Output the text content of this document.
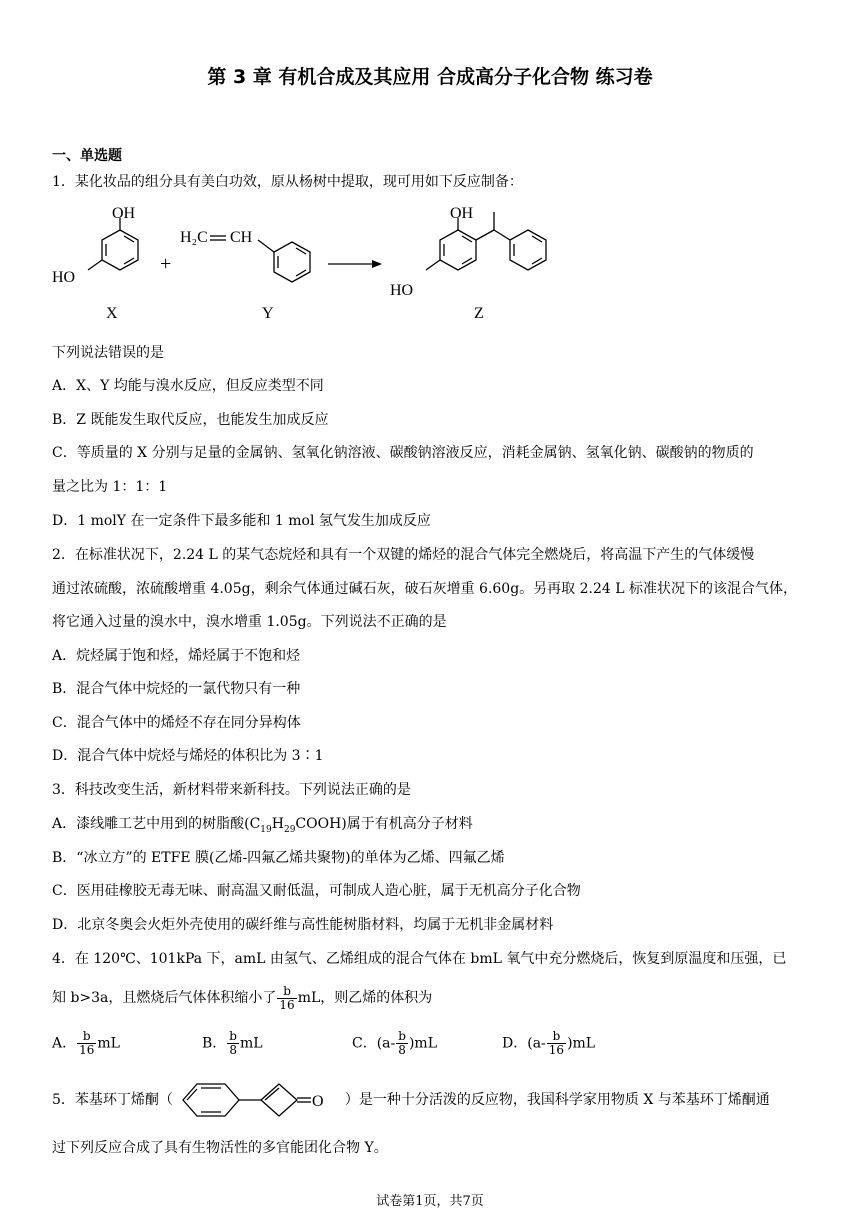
第 3 章 有机合成及其应用 合成高分子化合物 练习卷
一、单选题
1．某化妆品的组分具有美白功效，原从杨树中提取，现可用如下反应制备：
OH
HO
+
H₂C CH
OH
HO
X	Y	Z
下列说法错误的是
A．X、Y 均能与溴水反应，但反应类型不同
B．Z 既能发生取代反应，也能发生加成反应
C．等质量的 X 分别与足量的金属钠、氢氧化钠溶液、碳酸钠溶液反应，消耗金属钠、氢氧化钠、碳酸钠的物质的
量之比为 1：1：1
D．1 molY 在一定条件下最多能和 1 mol 氢气发生加成反应
2．在标准状况下，2.24 L 的某气态烷烃和具有一个双键的烯烃的混合气体完全燃烧后，将高温下产生的气体缓慢
通过浓硫酸，浓硫酸增重 4.05g，剩余气体通过碱石灰，破石灰增重 6.60g。另再取 2.24 L 标准状况下的该混合气体，
将它通入过量的溴水中，溴水增重 1.05g。下列说法不正确的是
A．烷烃属于饱和烃，烯烃属于不饱和烃
B．混合气体中烷烃的一氯代物只有一种
C．混合气体中的烯烃不存在同分异构体
D．混合气体中烷烃与烯烃的体积比为 3∶1
3．科技改变生活，新材料带来新科技。下列说法正确的是
A．漆线雕工艺中用到的树脂酸$(C_{19}H_{29}COOH)$属于有机高分子材料
B．“冰立方”的 ETFE 膜(乙烯-四氟乙烯共聚物)的单体为乙烯、四氟乙烯
C．医用硅橡胶无毒无味、耐高温又耐低温，可制成人造心脏，属于无机高分子化合物
D．北京冬奥会火炬外壳使用的碳纤维与高性能树脂材料，均属于无机非金属材料
4．在 120℃、101kPa 下，amL 由氢气、乙烯组成的混合气体在 bmL 氧气中充分燃烧后，恢复到原温度和压强，已
知 b>3a，且燃烧后气体体积缩小了 $\frac{b}{16}$ mL，则乙烯的体积为
A． $\frac{b}{16}$ mL	B． $\frac{b}{8}$ mL	C．$(a- \frac{b}{8} )mL$	D．$(a- \frac{b}{16} )mL$
5．苯基环丁烯酮（	O ）是一种十分活泼的反应物，我国科学家用物质 X 与苯基环丁烯酮通
过下列反应合成了具有生物活性的多官能团化合物 Y。
试卷第1页，共7页
